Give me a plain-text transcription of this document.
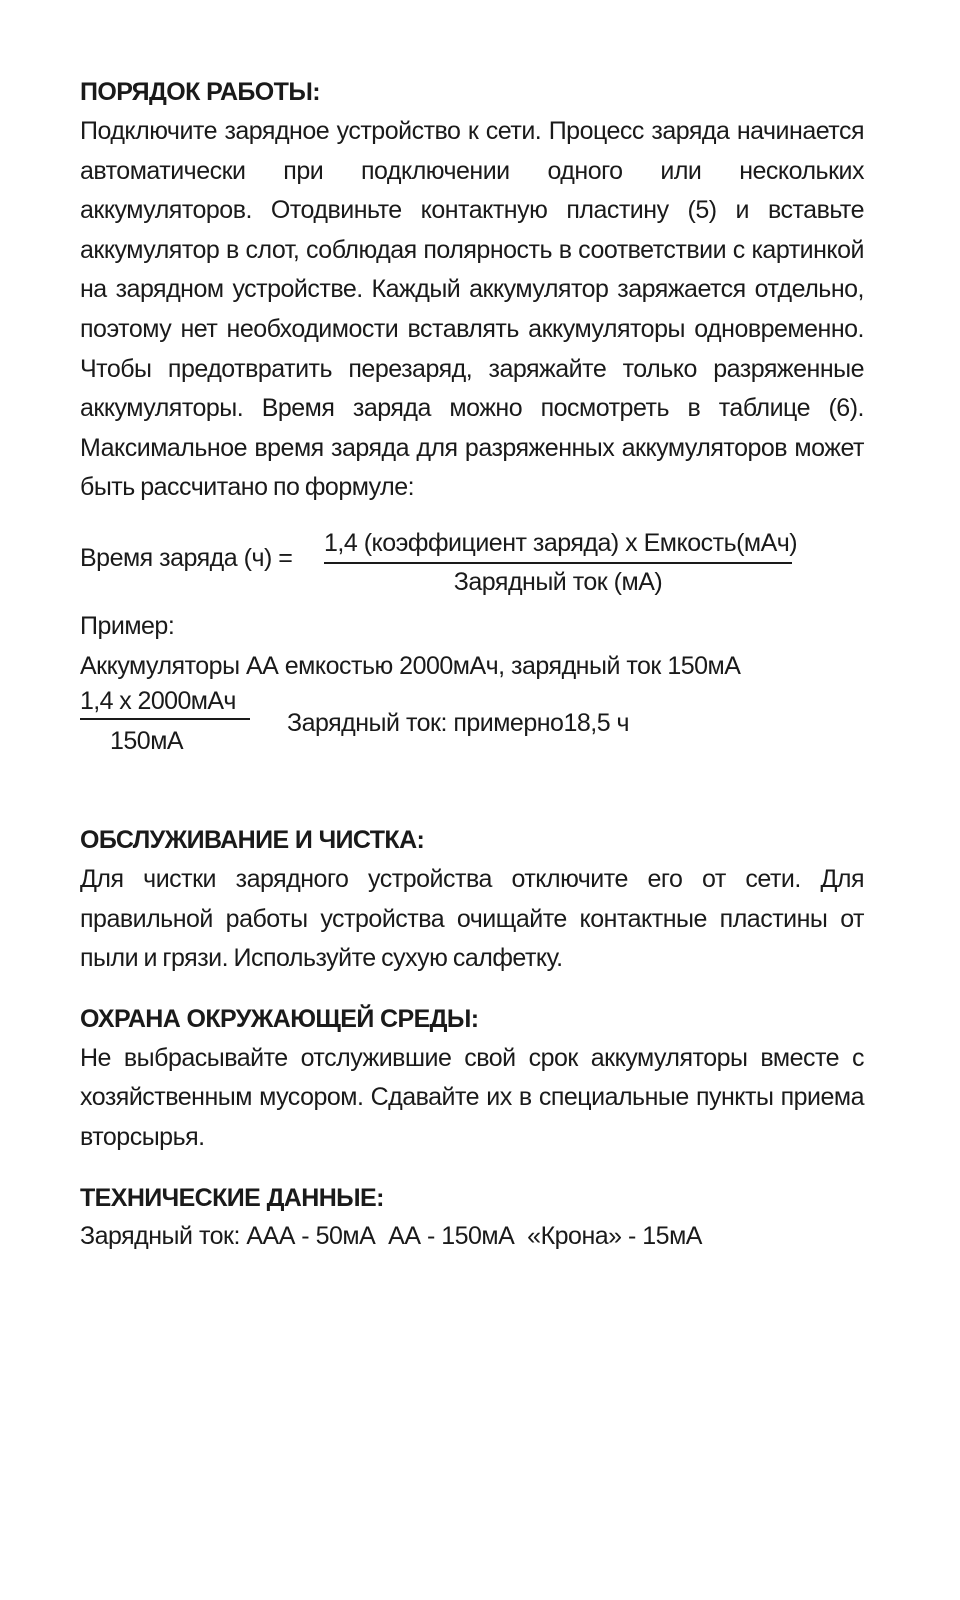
ПОРЯДОК РАБОТЫ:

Подключите зарядное устройство к сети. Процесс заряда начинается автоматически при подключении одного или нескольких аккумуляторов. Отодвиньте контактную пластину (5) и вставьте аккумулятор в слот, соблюдая полярность в соответствии с картинкой на зарядном устройстве. Каждый аккумулятор заряжается отдельно, поэтому нет необходимости вставлять аккумуляторы одновременно. Чтобы предотвратить перезаряд, заряжайте только разряженные аккумуляторы. Время заряда можно посмотреть в таблице (6). Максимальное время заряда для разряженных аккумуляторов может быть рассчитано по формуле:

Время заряда (ч) =
1,4 (коэффициент заряда) х Емкость(мАч)
Зарядный ток (мА)

Пример:

Аккумуляторы АА емкостью 2000мАч, зарядный ток 150мА

1,4 х 2000мАч
150мА
Зарядный ток: примерно18,5 ч
ОБСЛУЖИВАНИЕ И ЧИСТКА:

Для чистки зарядного устройства отключите его от сети. Для правильной работы устройства очищайте контактные пластины от пыли и грязи. Используйте сухую салфетку.

ОХРАНА ОКРУЖАЮЩЕЙ СРЕДЫ:

Не выбрасывайте отслужившие свой срок аккумуляторы вместе с хозяйственным мусором. Сдавайте их в специальные пункты приема вторсырья.

ТЕХНИЧЕСКИЕ ДАННЫЕ:

Зарядный ток: ААА - 50мА  АА - 150мА  «Крона» - 15мА
